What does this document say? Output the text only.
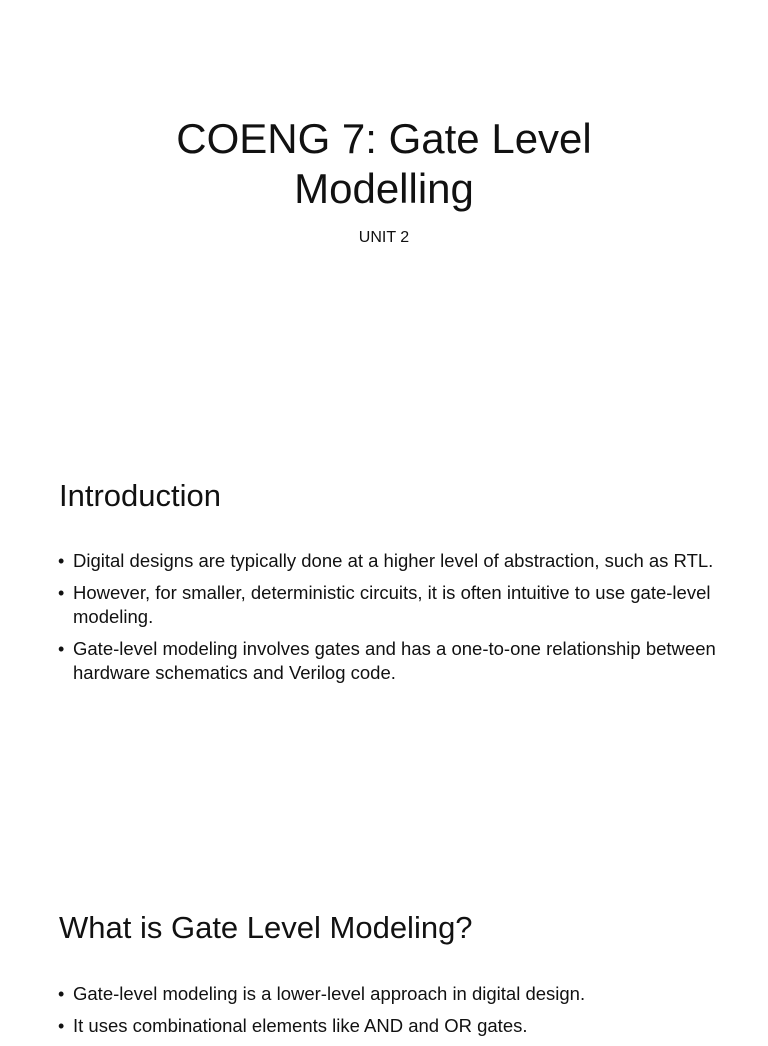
COENG 7: Gate Level Modelling
UNIT 2
Introduction
• Digital designs are typically done at a higher level of abstraction, such as RTL.
• However, for smaller, deterministic circuits, it is often intuitive to use gate-level modeling.
• Gate-level modeling involves gates and has a one-to-one relationship between hardware schematics and Verilog code.
What is Gate Level Modeling?
• Gate-level modeling is a lower-level approach in digital design.
• It uses combinational elements like AND and OR gates.
